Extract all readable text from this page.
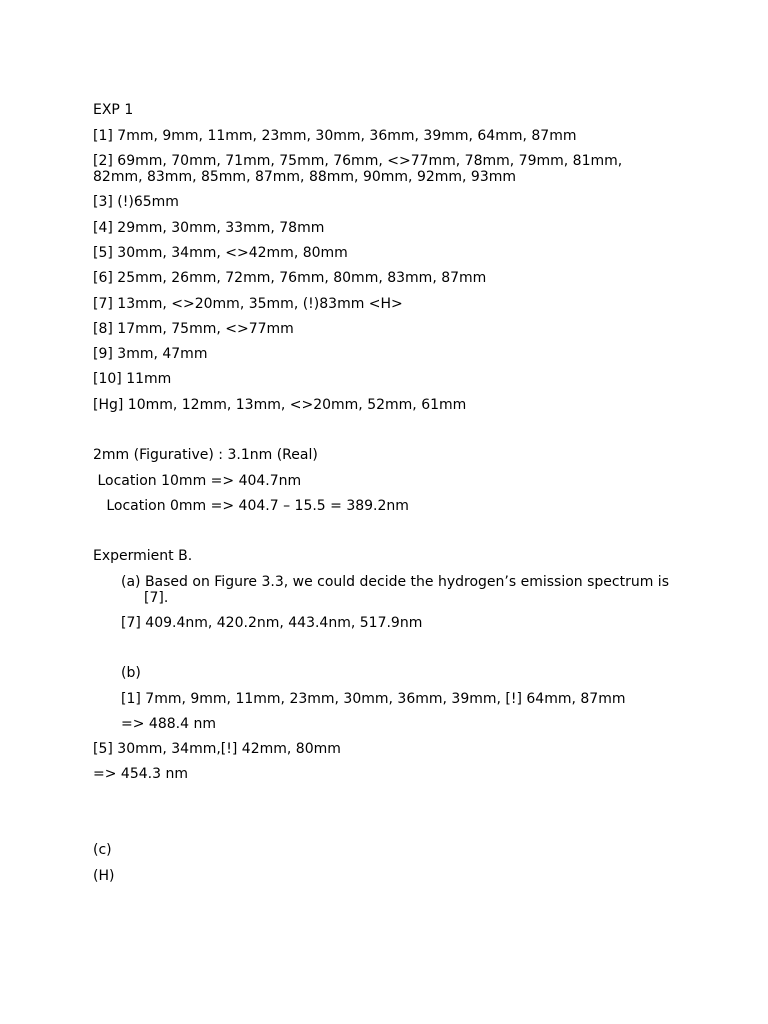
EXP 1
[1] 7mm, 9mm, 11mm, 23mm, 30mm, 36mm, 39mm, 64mm, 87mm
[2] 69mm, 70mm, 71mm, 75mm, 76mm, <>77mm, 78mm, 79mm, 81mm, 82mm, 83mm, 85mm, 87mm, 88mm, 90mm, 92mm, 93mm
[3] (!)65mm
[4] 29mm, 30mm, 33mm, 78mm
[5] 30mm, 34mm, <>42mm, 80mm
[6] 25mm, 26mm, 72mm, 76mm, 80mm, 83mm, 87mm
[7] 13mm, <>20mm, 35mm, (!)83mm <H>
[8] 17mm, 75mm, <>77mm
[9] 3mm, 47mm
[10] 11mm
[Hg] 10mm, 12mm, 13mm, <>20mm, 52mm, 61mm
2mm (Figurative) : 3.1nm (Real)
Location 10mm => 404.7nm
Location 0mm => 404.7 – 15.5 = 389.2nm
Expermient B.
(a) Based on Figure 3.3, we could decide the hydrogen’s emission spectrum is [7].
[7] 409.4nm, 420.2nm, 443.4nm, 517.9nm
(b)
[1] 7mm, 9mm, 11mm, 23mm, 30mm, 36mm, 39mm, [!] 64mm, 87mm
=> 488.4 nm
[5] 30mm, 34mm,[!] 42mm, 80mm
=> 454.3 nm
(c)
(H)
